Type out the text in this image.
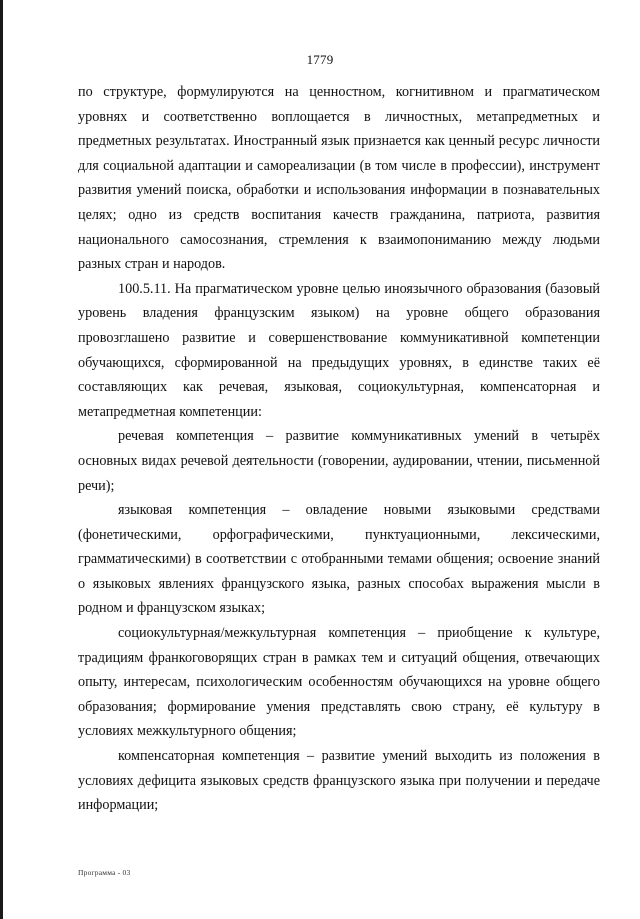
1779

по структуре, формулируются на ценностном, когнитивном и прагматическом уровнях и соответственно воплощается в личностных, метапредметных и предметных результатах. Иностранный язык признается как ценный ресурс личности для социальной адаптации и самореализации (в том числе в профессии), инструмент развития умений поиска, обработки и использования информации в познавательных целях; одно из средств воспитания качеств гражданина, патриота, развития национального самосознания, стремления к взаимопониманию между людьми разных стран и народов.

100.5.11. На прагматическом уровне целью иноязычного образования (базовый уровень владения французским языком) на уровне общего образования провозглашено развитие и совершенствование коммуникативной компетенции обучающихся, сформированной на предыдущих уровнях, в единстве таких её составляющих как речевая, языковая, социокультурная, компенсаторная и метапредметная компетенции:

речевая компетенция – развитие коммуникативных умений в четырёх основных видах речевой деятельности (говорении, аудировании, чтении, письменной речи);

языковая компетенция – овладение новыми языковыми средствами (фонетическими, орфографическими, пунктуационными, лексическими, грамматическими) в соответствии с отобранными темами общения; освоение знаний о языковых явлениях французского языка, разных способах выражения мысли в родном и французском языках;

социокультурная/межкультурная компетенция – приобщение к культуре, традициям франкоговорящих стран в рамках тем и ситуаций общения, отвечающих опыту, интересам, психологическим особенностям обучающихся на уровне общего образования; формирование умения представлять свою страну, её культуру в условиях межкультурного общения;

компенсаторная компетенция – развитие умений выходить из положения в условиях дефицита языковых средств французского языка при получении и передаче информации;

Программа - 03
